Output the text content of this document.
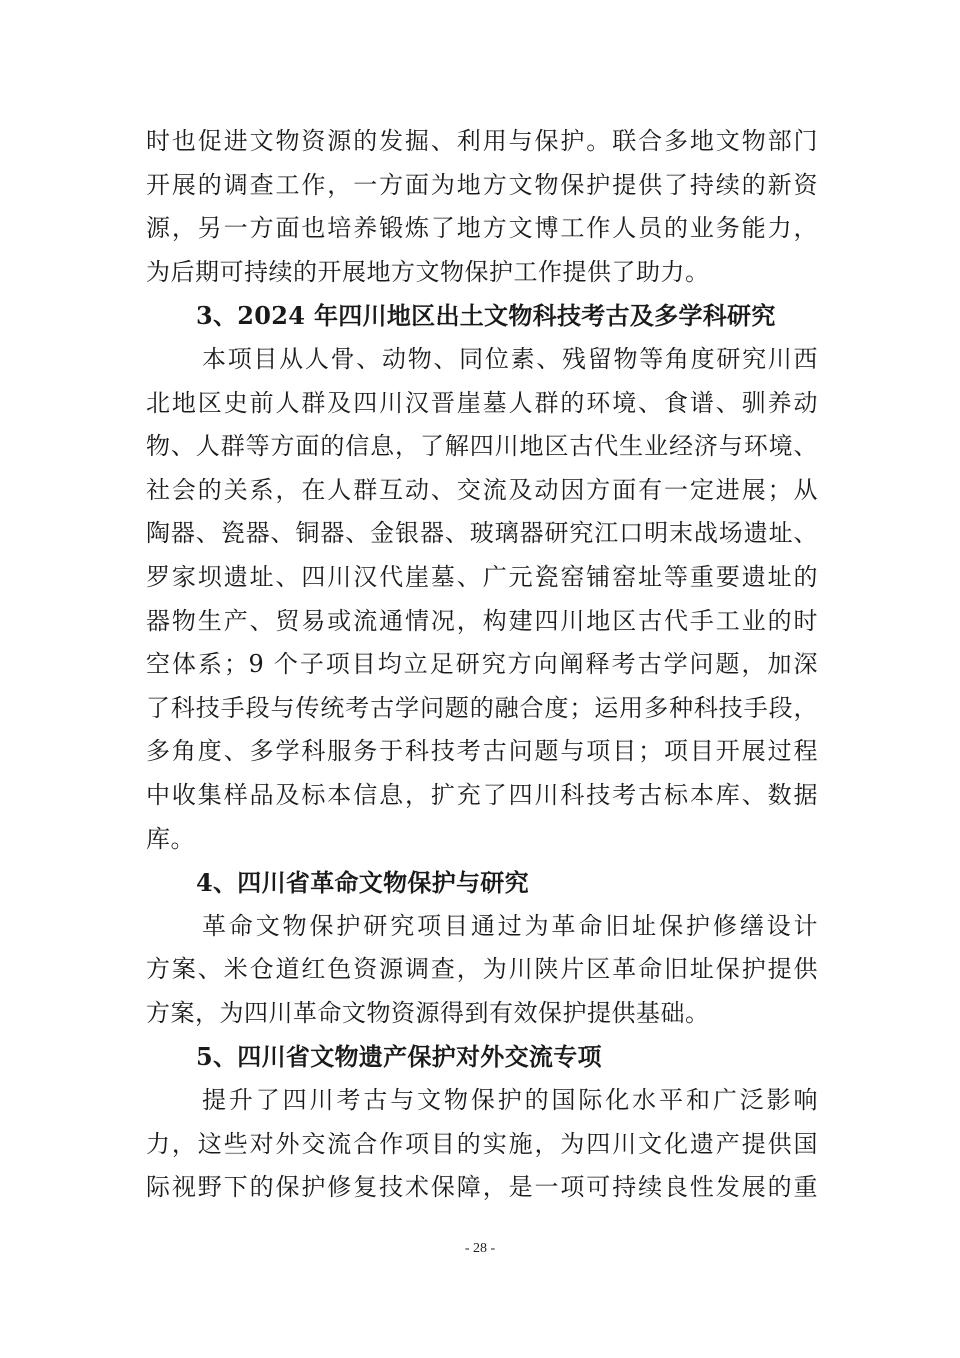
时也促进文物资源的发掘、利用与保护。联合多地文物部门
开展的调查工作，一方面为地方文物保护提供了持续的新资
源，另一方面也培养锻炼了地方文博工作人员的业务能力，
为后期可持续的开展地方文物保护工作提供了助力。
3、2024 年四川地区出土文物科技考古及多学科研究
本项目从人骨、动物、同位素、残留物等角度研究川西
北地区史前人群及四川汉晋崖墓人群的环境、食谱、驯养动
物、人群等方面的信息，了解四川地区古代生业经济与环境、
社会的关系，在人群互动、交流及动因方面有一定进展；从
陶器、瓷器、铜器、金银器、玻璃器研究江口明末战场遗址、
罗家坝遗址、四川汉代崖墓、广元瓷窑铺窑址等重要遗址的
器物生产、贸易或流通情况，构建四川地区古代手工业的时
空体系；9 个子项目均立足研究方向阐释考古学问题，加深
了科技手段与传统考古学问题的融合度；运用多种科技手段，
多角度、多学科服务于科技考古问题与项目；项目开展过程
中收集样品及标本信息，扩充了四川科技考古标本库、数据
库。
4、四川省革命文物保护与研究
革命文物保护研究项目通过为革命旧址保护修缮设计
方案、米仓道红色资源调查，为川陕片区革命旧址保护提供
方案，为四川革命文物资源得到有效保护提供基础。
5、四川省文物遗产保护对外交流专项
提升了四川考古与文物保护的国际化水平和广泛影响
力，这些对外交流合作项目的实施，为四川文化遗产提供国
际视野下的保护修复技术保障，是一项可持续良性发展的重
- 28 -
